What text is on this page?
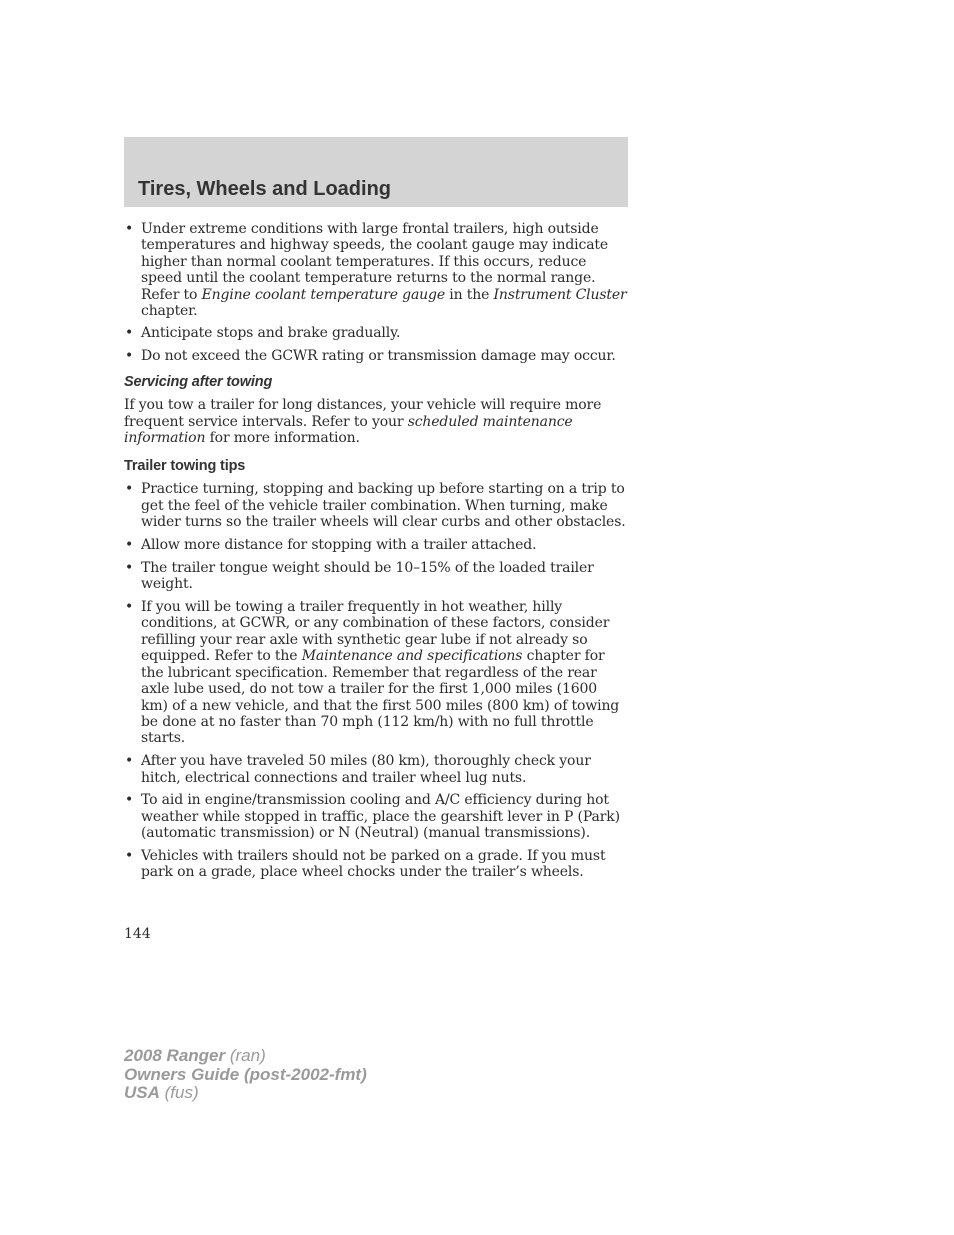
Tires, Wheels and Loading
• Under extreme conditions with large frontal trailers, high outside temperatures and highway speeds, the coolant gauge may indicate higher than normal coolant temperatures. If this occurs, reduce speed until the coolant temperature returns to the normal range. Refer to Engine coolant temperature gauge in the Instrument Cluster chapter.
• Anticipate stops and brake gradually.
• Do not exceed the GCWR rating or transmission damage may occur.
Servicing after towing

If you tow a trailer for long distances, your vehicle will require more frequent service intervals. Refer to your scheduled maintenance information for more information.

Trailer towing tips
• Practice turning, stopping and backing up before starting on a trip to get the feel of the vehicle trailer combination. When turning, make wider turns so the trailer wheels will clear curbs and other obstacles.
• Allow more distance for stopping with a trailer attached.
• The trailer tongue weight should be 10–15% of the loaded trailer weight.
• If you will be towing a trailer frequently in hot weather, hilly conditions, at GCWR, or any combination of these factors, consider refilling your rear axle with synthetic gear lube if not already so equipped. Refer to the Maintenance and specifications chapter for the lubricant specification. Remember that regardless of the rear axle lube used, do not tow a trailer for the first 1,000 miles (1600 km) of a new vehicle, and that the first 500 miles (800 km) of towing be done at no faster than 70 mph (112 km/h) with no full throttle starts.
• After you have traveled 50 miles (80 km), thoroughly check your hitch, electrical connections and trailer wheel lug nuts.
• To aid in engine/transmission cooling and A/C efficiency during hot weather while stopped in traffic, place the gearshift lever in P (Park) (automatic transmission) or N (Neutral) (manual transmissions).
• Vehicles with trailers should not be parked on a grade. If you must park on a grade, place wheel chocks under the trailer’s wheels.
144
2008 Ranger (ran)
Owners Guide (post-2002-fmt)
USA (fus)
